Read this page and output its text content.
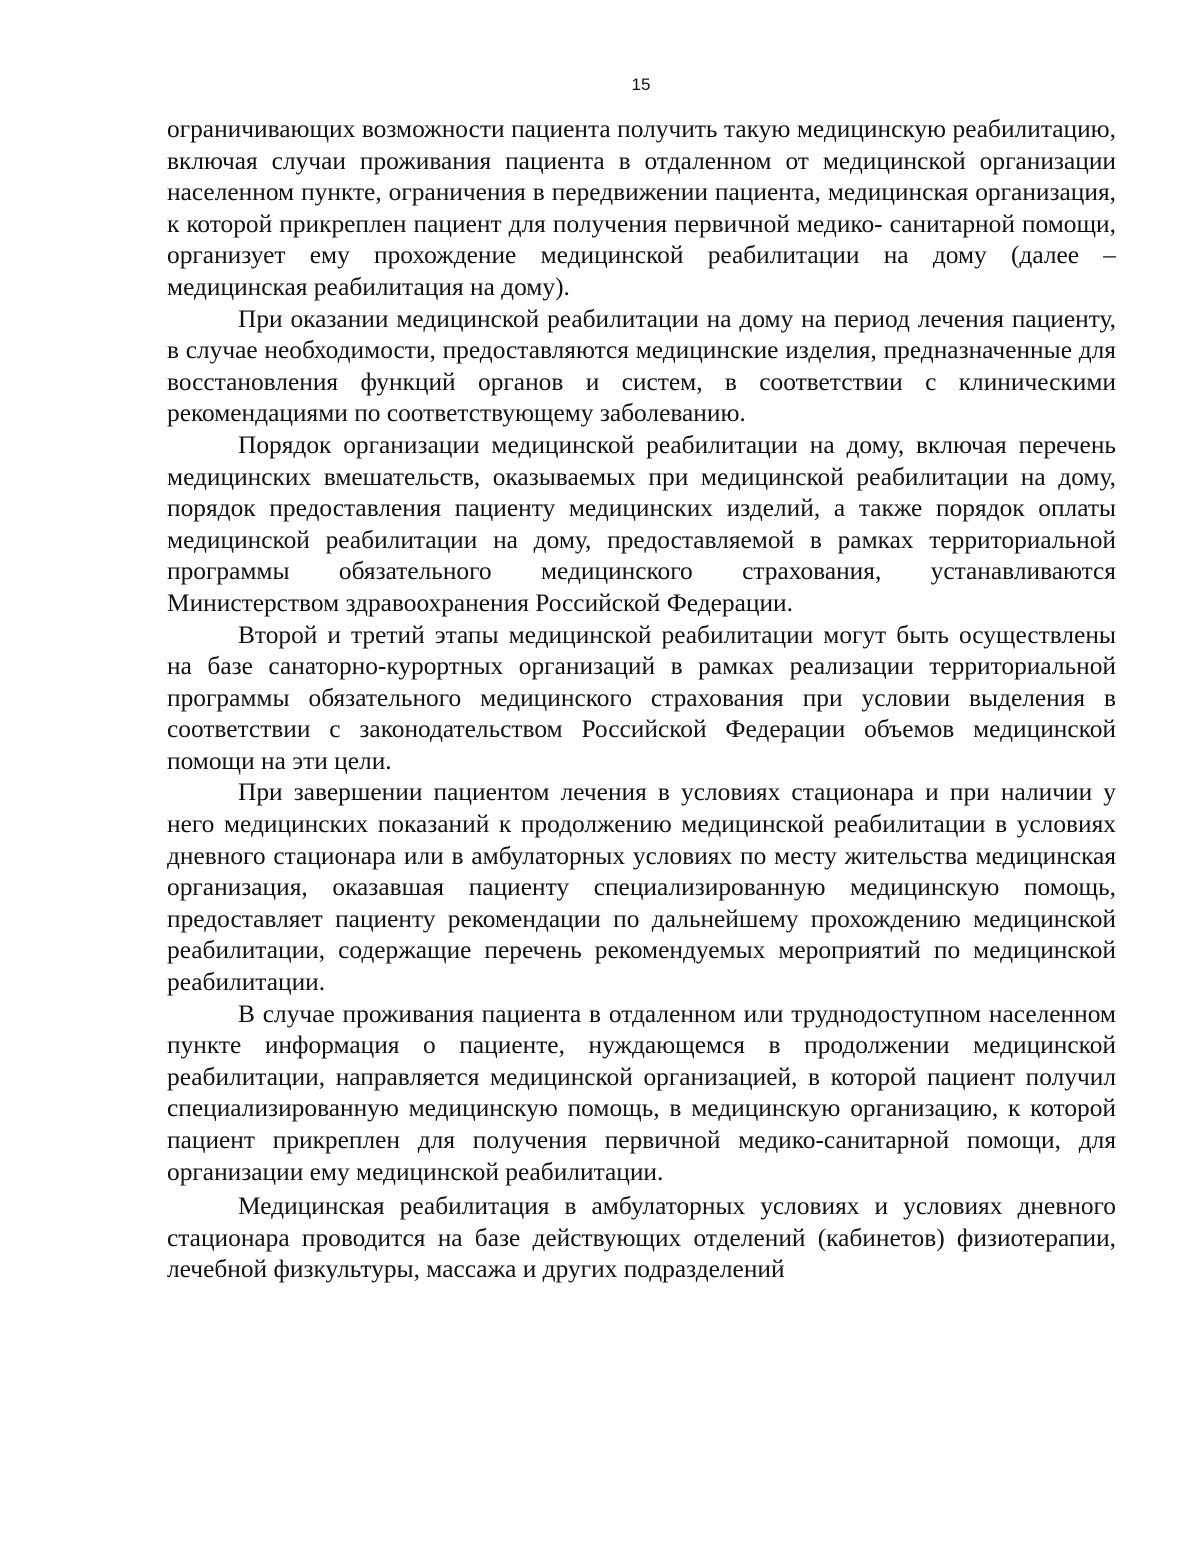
15

ограничивающих возможности пациента получить такую медицинскую реабилитацию, включая случаи проживания пациента в отдаленном от медицинской организации населенном пункте, ограничения в передвижении пациента, медицинская организация, к которой прикреплен пациент для получения первичной медико- санитарной помощи, организует ему прохождение медицинской реабилитации на дому (далее – медицинская реабилитация на дому).

При оказании медицинской реабилитации на дому на период лечения пациенту, в случае необходимости, предоставляются медицинские изделия, предназначенные для восстановления функций органов и систем, в соответствии с клиническими рекомендациями по соответствующему заболеванию.

Порядок организации медицинской реабилитации на дому, включая перечень медицинских вмешательств, оказываемых при медицинской реабилитации на дому, порядок предоставления пациенту медицинских изделий, а также порядок оплаты медицинской реабилитации на дому, предоставляемой в рамках территориальной программы обязательного медицинского страхования, устанавливаются Министерством здравоохранения Российской Федерации.

Второй и третий этапы медицинской реабилитации могут быть осуществлены на базе санаторно-курортных организаций в рамках реализации территориальной программы обязательного медицинского страхования при условии выделения в соответствии с законодательством Российской Федерации объемов медицинской помощи на эти цели.

При завершении пациентом лечения в условиях стационара и при наличии у него медицинских показаний к продолжению медицинской реабилитации в условиях дневного стационара или в амбулаторных условиях по месту жительства медицинская организация, оказавшая пациенту специализированную медицинскую помощь, предоставляет пациенту рекомендации по дальнейшему прохождению медицинской реабилитации, содержащие перечень рекомендуемых мероприятий по медицинской реабилитации.

В случае проживания пациента в отдаленном или труднодоступном населенном пункте информация о пациенте, нуждающемся в продолжении медицинской реабилитации, направляется медицинской организацией, в которой пациент получил специализированную медицинскую помощь, в медицинскую организацию, к которой пациент прикреплен для получения первичной медико-санитарной помощи, для организации ему медицинской реабилитации.

Медицинская реабилитация в амбулаторных условиях и условиях дневного стационара проводится на базе действующих отделений (кабинетов) физиотерапии, лечебной физкультуры, массажа и других подразделений
